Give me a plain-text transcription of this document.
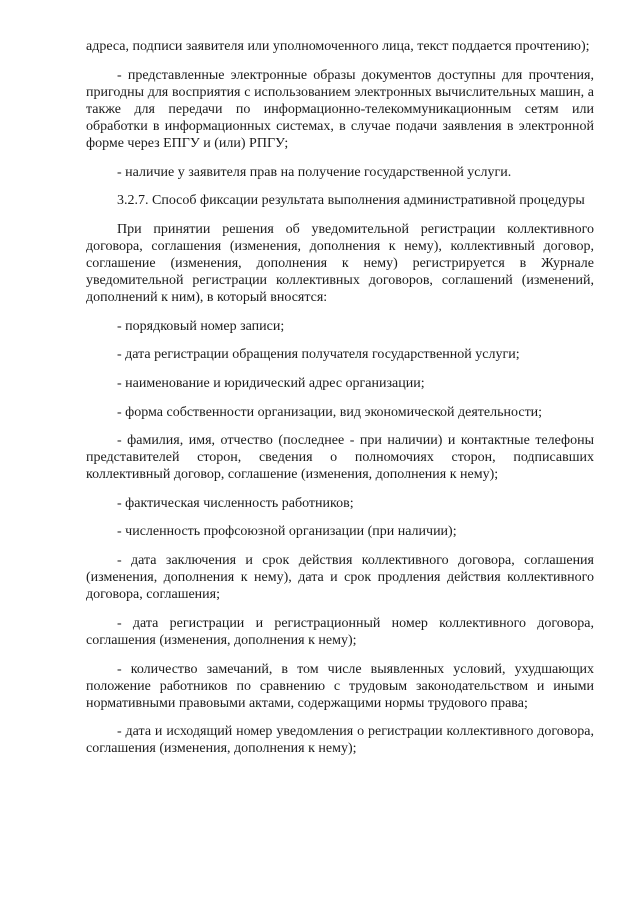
адреса, подписи заявителя или уполномоченного лица, текст поддается прочтению);

- представленные электронные образы документов доступны для прочтения, пригодны для восприятия с использованием электронных вычислительных машин, а также для передачи по информационно-телекоммуникационным сетям или обработки в информационных системах, в случае подачи заявления в электронной форме через ЕПГУ и (или) РПГУ;

- наличие у заявителя прав на получение государственной услуги.

3.2.7. Способ фиксации результата выполнения административной процедуры

При принятии решения об уведомительной регистрации коллективного договора, соглашения (изменения, дополнения к нему), коллективный договор, соглашение (изменения, дополнения к нему) регистрируется в Журнале уведомительной регистрации коллективных договоров, соглашений (изменений, дополнений к ним), в который вносятся:

- порядковый номер записи;

- дата регистрации обращения получателя государственной услуги;

- наименование и юридический адрес организации;

- форма собственности организации, вид экономической деятельности;

- фамилия, имя, отчество (последнее - при наличии) и контактные телефоны представителей сторон, сведения о полномочиях сторон, подписавших коллективный договор, соглашение (изменения, дополнения к нему);

- фактическая численность работников;

- численность профсоюзной организации (при наличии);

- дата заключения и срок действия коллективного договора, соглашения (изменения, дополнения к нему), дата и срок продления действия коллективного договора, соглашения;

- дата регистрации и регистрационный номер коллективного договора, соглашения (изменения, дополнения к нему);

- количество замечаний, в том числе выявленных условий, ухудшающих положение работников по сравнению с трудовым законодательством и иными нормативными правовыми актами, содержащими нормы трудового права;

- дата и исходящий номер уведомления о регистрации коллективного договора, соглашения (изменения, дополнения к нему);
